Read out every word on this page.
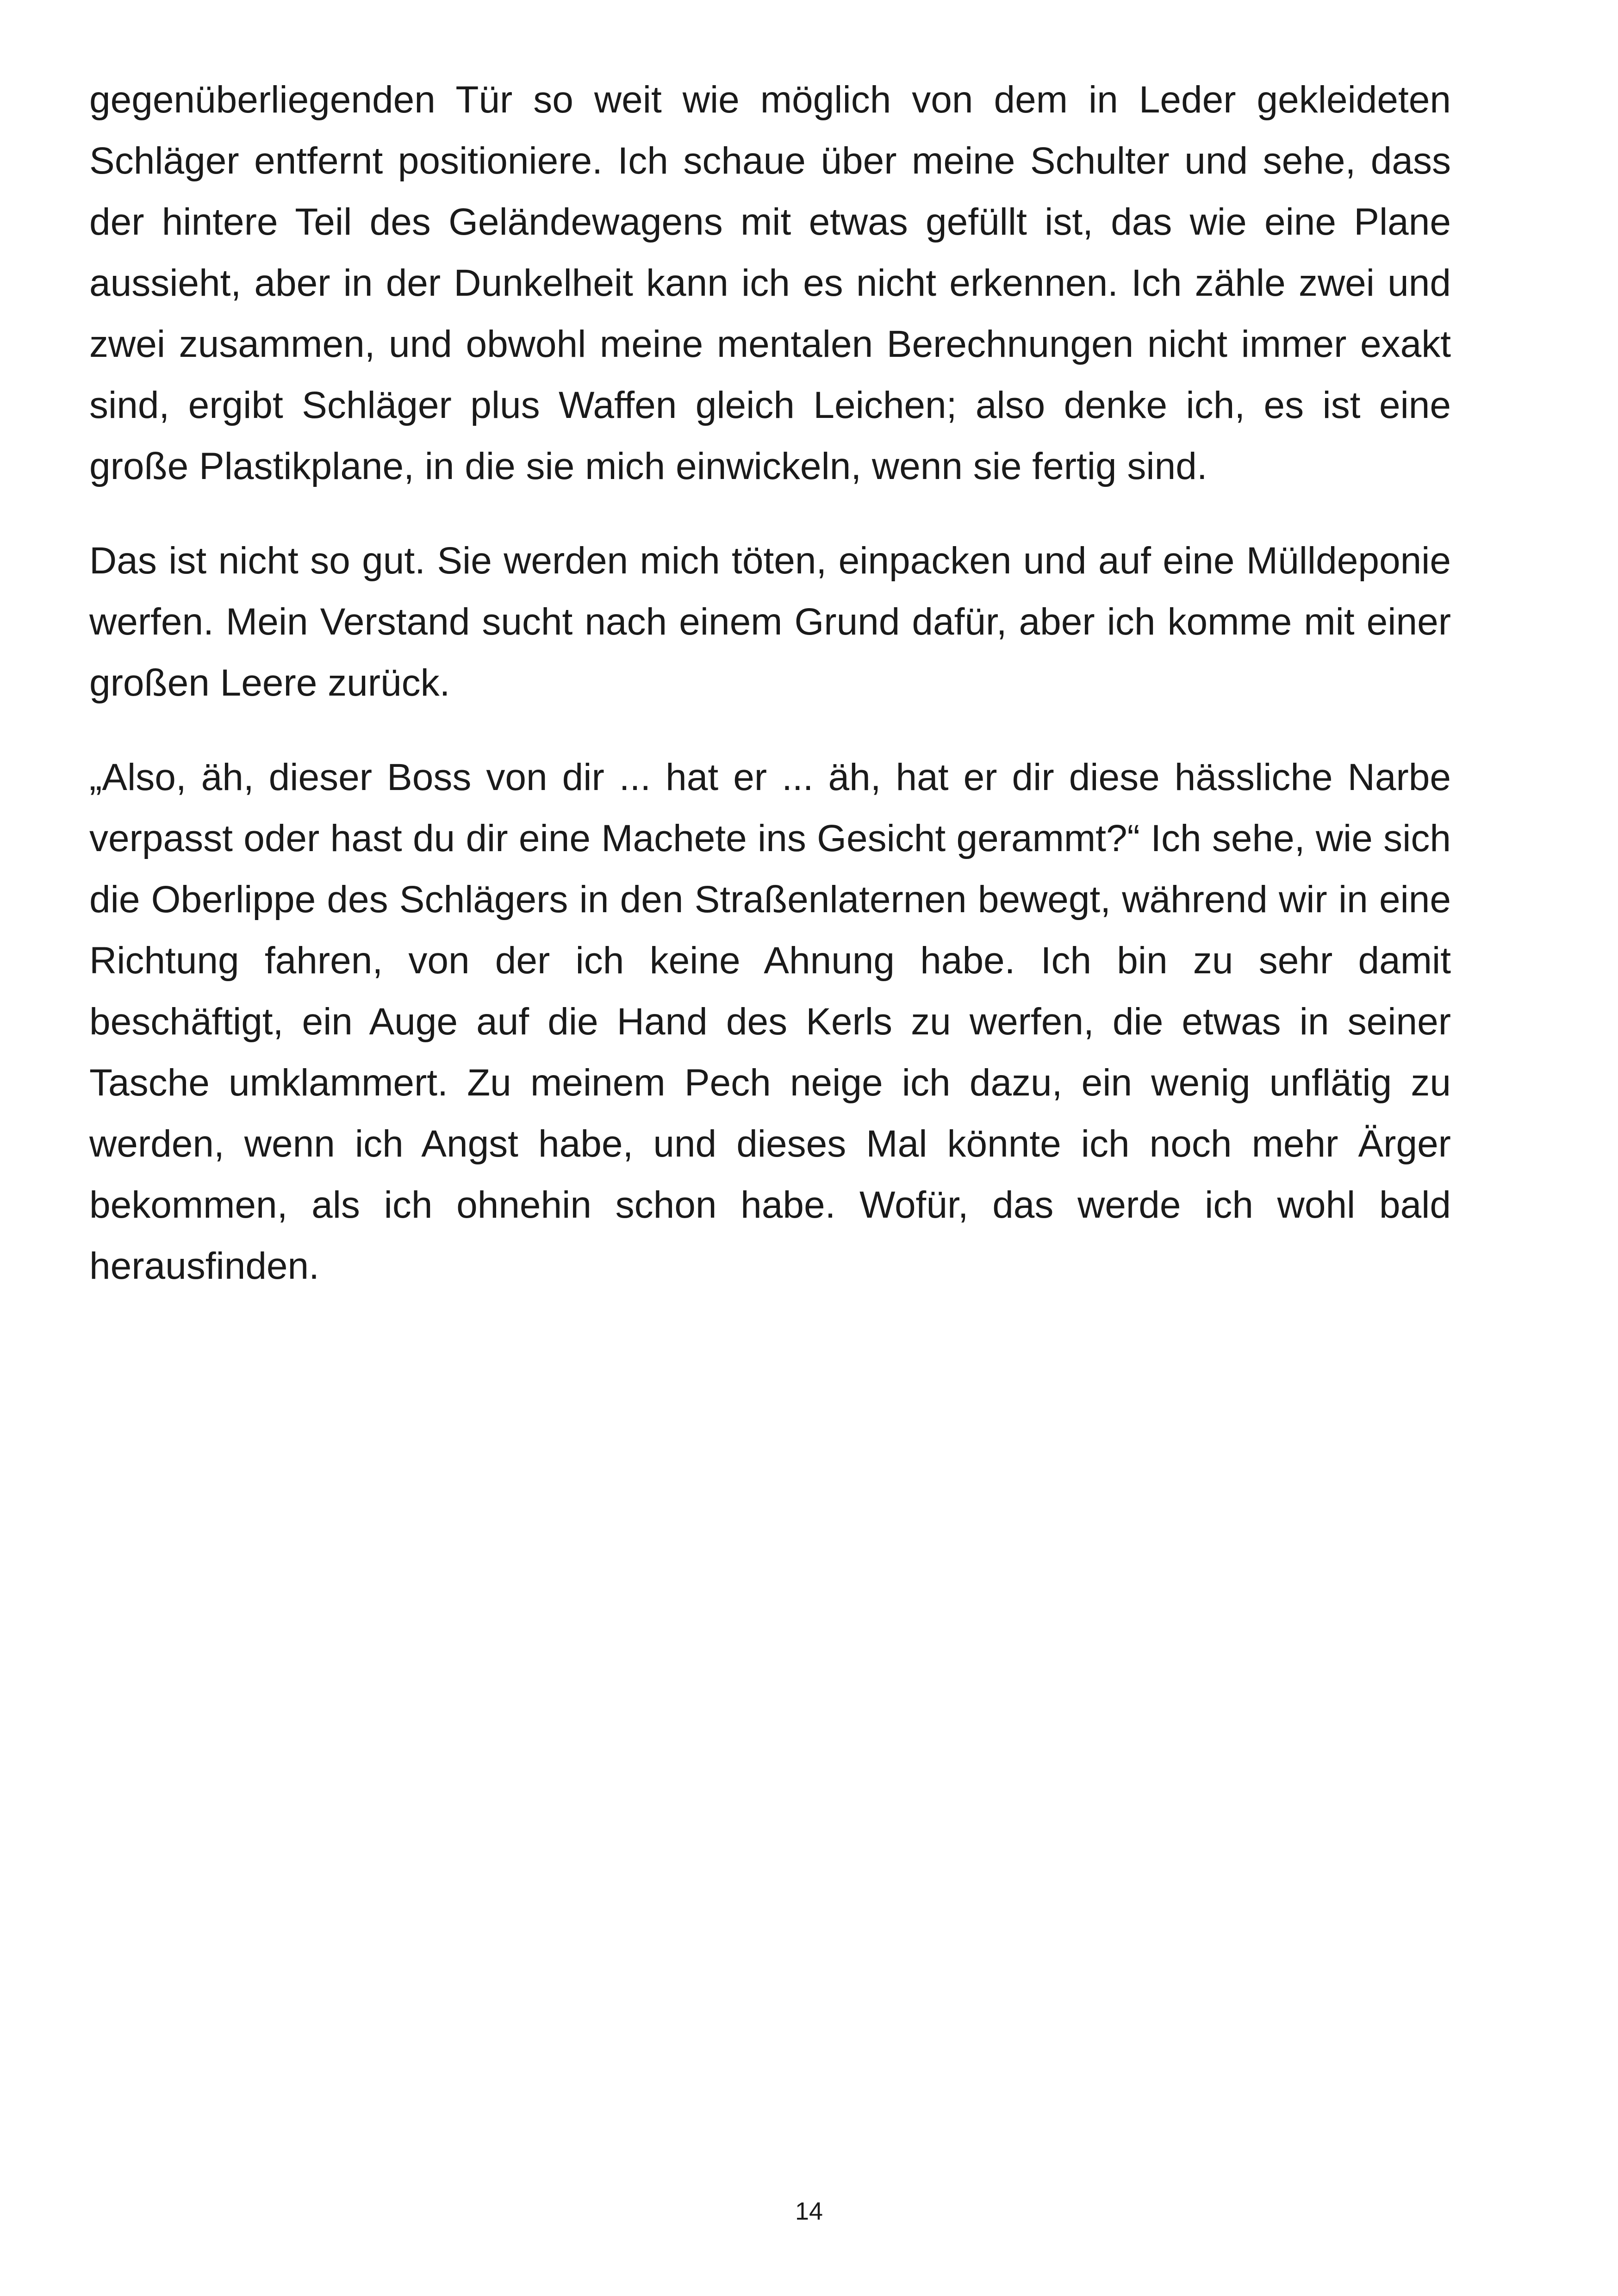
gegenüberliegenden Tür so weit wie möglich von dem in Leder gekleideten Schläger entfernt positioniere. Ich schaue über meine Schulter und sehe, dass der hintere Teil des Geländewagens mit etwas gefüllt ist, das wie eine Plane aussieht, aber in der Dunkelheit kann ich es nicht erkennen. Ich zähle zwei und zwei zusammen, und obwohl meine mentalen Berechnungen nicht immer exakt sind, ergibt Schläger plus Waffen gleich Leichen; also denke ich, es ist eine große Plastikplane, in die sie mich einwickeln, wenn sie fertig sind.

Das ist nicht so gut. Sie werden mich töten, einpacken und auf eine Mülldeponie werfen. Mein Verstand sucht nach einem Grund dafür, aber ich komme mit einer großen Leere zurück.

„Also, äh, dieser Boss von dir ... hat er ... äh, hat er dir diese hässliche Narbe verpasst oder hast du dir eine Machete ins Gesicht gerammt?“ Ich sehe, wie sich die Oberlippe des Schlägers in den Straßenlaternen bewegt, während wir in eine Richtung fahren, von der ich keine Ahnung habe. Ich bin zu sehr damit beschäftigt, ein Auge auf die Hand des Kerls zu werfen, die etwas in seiner Tasche umklammert. Zu meinem Pech neige ich dazu, ein wenig unflätig zu werden, wenn ich Angst habe, und dieses Mal könnte ich noch mehr Ärger bekommen, als ich ohnehin schon habe. Wofür, das werde ich wohl bald herausfinden.

14
